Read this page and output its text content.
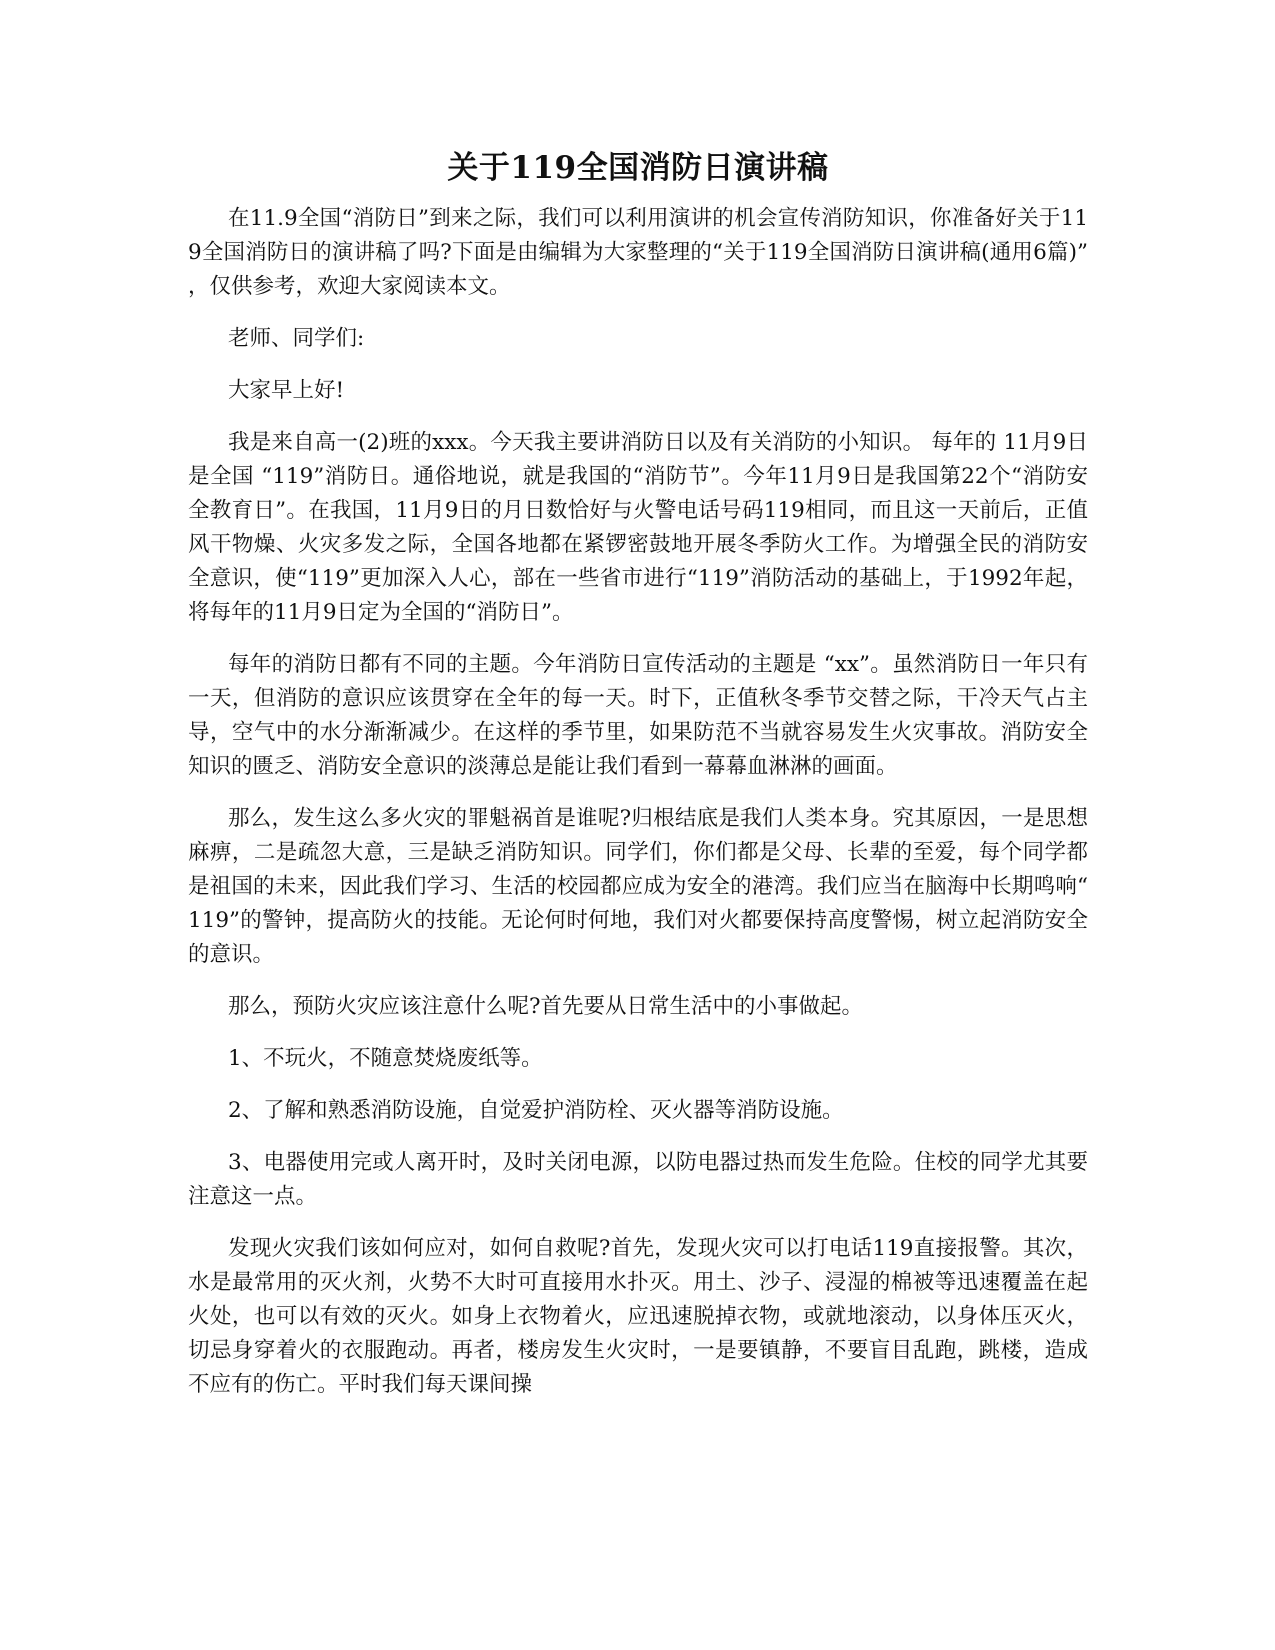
关于119全国消防日演讲稿

在11.9全国“消防日”到来之际，我们可以利用演讲的机会宣传消防知识，你准备好关于119全国消防日的演讲稿了吗?下面是由编辑为大家整理的“关于119全国消防日演讲稿(通用6篇)”，仅供参考，欢迎大家阅读本文。

老师、同学们:

大家早上好!

我是来自高一(2)班的xxx。今天我主要讲消防日以及有关消防的小知识。 每年的 11月9日是全国 “119”消防日。通俗地说，就是我国的“消防节”。今年11月9日是我国第22个“消防安全教育日”。在我国，11月9日的月日数恰好与火警电话号码119相同，而且这一天前后，正值风干物燥、火灾多发之际，全国各地都在紧锣密鼓地开展冬季防火工作。为增强全民的消防安全意识，使“119”更加深入人心，部在一些省市进行“119”消防活动的基础上，于1992年起，将每年的11月9日定为全国的“消防日”。

每年的消防日都有不同的主题。今年消防日宣传活动的主题是 “xx”。虽然消防日一年只有一天，但消防的意识应该贯穿在全年的每一天。时下，正值秋冬季节交替之际，干冷天气占主导，空气中的水分渐渐减少。在这样的季节里，如果防范不当就容易发生火灾事故。消防安全知识的匮乏、消防安全意识的淡薄总是能让我们看到一幕幕血淋淋的画面。

那么，发生这么多火灾的罪魁祸首是谁呢?归根结底是我们人类本身。究其原因，一是思想麻痹，二是疏忽大意，三是缺乏消防知识。同学们，你们都是父母、长辈的至爱，每个同学都是祖国的未来，因此我们学习、生活的校园都应成为安全的港湾。我们应当在脑海中长期鸣响“119”的警钟，提高防火的技能。无论何时何地，我们对火都要保持高度警惕，树立起消防安全的意识。

那么，预防火灾应该注意什么呢?首先要从日常生活中的小事做起。

1、不玩火，不随意焚烧废纸等。

2、了解和熟悉消防设施，自觉爱护消防栓、灭火器等消防设施。

3、电器使用完或人离开时，及时关闭电源，以防电器过热而发生危险。住校的同学尤其要注意这一点。

发现火灾我们该如何应对，如何自救呢?首先，发现火灾可以打电话119直接报警。其次，水是最常用的灭火剂，火势不大时可直接用水扑灭。用土、沙子、浸湿的棉被等迅速覆盖在起火处，也可以有效的灭火。如身上衣物着火，应迅速脱掉衣物，或就地滚动，以身体压灭火，切忌身穿着火的衣服跑动。再者，楼房发生火灾时，一是要镇静，不要盲目乱跑，跳楼，造成不应有的伤亡。平时我们每天课间操
